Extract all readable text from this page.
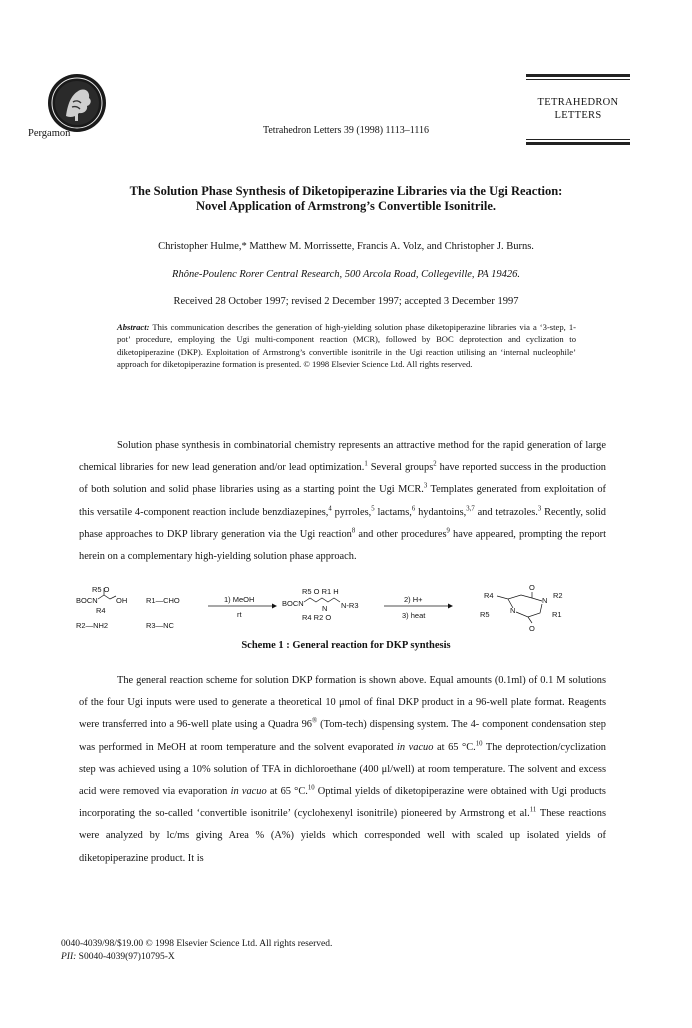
Pergamon	Tetrahedron Letters 39 (1998) 1113–1116
TETRAHEDRON
LETTERS
The Solution Phase Synthesis of Diketopiperazine Libraries via the Ugi Reaction:
Novel Application of Armstrong’s Convertible Isonitrile.
Christopher Hulme,* Matthew M. Morrissette, Francis A. Volz, and Christopher J. Burns.
Rhône-Poulenc Rorer Central Research, 500 Arcola Road, Collegeville, PA 19426.
Received 28 October 1997; revised 2 December 1997; accepted 3 December 1997
Abstract: This communication describes the generation of high-yielding solution phase diketopiperazine libraries via a ‘3-step, 1-pot’ procedure, employing the Ugi multi-component reaction (MCR), followed by BOC deprotection and cyclization to diketopiperazine (DKP). Exploitation of Armstrong’s convertible isonitrile in the Ugi reaction utilising an ‘internal nucleophile’ approach for diketopiperazine formation is presented. © 1998 Elsevier Science Ltd. All rights reserved.
Solution phase synthesis in combinatorial chemistry represents an attractive method for the rapid generation of large chemical libraries for new lead generation and/or lead optimization.$^1$ Several groups$^2$ have reported success in the production of both solution and solid phase libraries using as a starting point the Ugi MCR.$^3$ Templates generated from exploitation of this versatile 4-component reaction include benzdiazepines,$^4$ pyrroles,$^5$ lactams,$^6$ hydantoins,$^{3,7}$ and tetrazoles.$^3$ Recently, solid phase approaches to DKP library generation via the Ugi reaction$^8$ and other procedures$^9$ have appeared, prompting the report herein on a complementary high-yielding solution phase approach.
R5 O
BOCN OH
R4
R2—NH2
R1—CHO
R3—NC
1) MeOH
rt
R5 O R1 H
BOCN
N N-R3
R4 R2 O
2) H+
3) heat
O
R4
N
R2
R5	N	R1
O
Scheme 1 : General reaction for DKP synthesis
The general reaction scheme for solution DKP formation is shown above. Equal amounts (0.1ml) of 0.1 M solutions of the four Ugi inputs were used to generate a theoretical 10 μmol of final DKP product in a 96-well plate format. Reagents were transferred into a 96-well plate using a Quadra 96® (Tom-tech) dispensing system. The 4- component condensation step was performed in MeOH at room temperature and the solvent evaporated in vacuo at 65 °C.$^{10}$ The deprotection/cyclization step was achieved using a 10% solution of TFA in dichloroethane (400 μl/well) at room temperature. The solvent and excess acid were removed via evaporation in vacuo at 65 °C.$^{10}$ Optimal yields of diketopiperazine were obtained with Ugi products incorporating the so-called ‘convertible isonitrile’ (cyclohexenyl isonitrile) pioneered by Armstrong et al.$^{11}$ These reactions were analyzed by lc/ms giving Area % (A%) yields which corresponded well with scaled up isolated yields of diketopiperazine product. It is
0040-4039/98/$19.00 © 1998 Elsevier Science Ltd. All rights reserved.
PII: S0040-4039(97)10795-X
